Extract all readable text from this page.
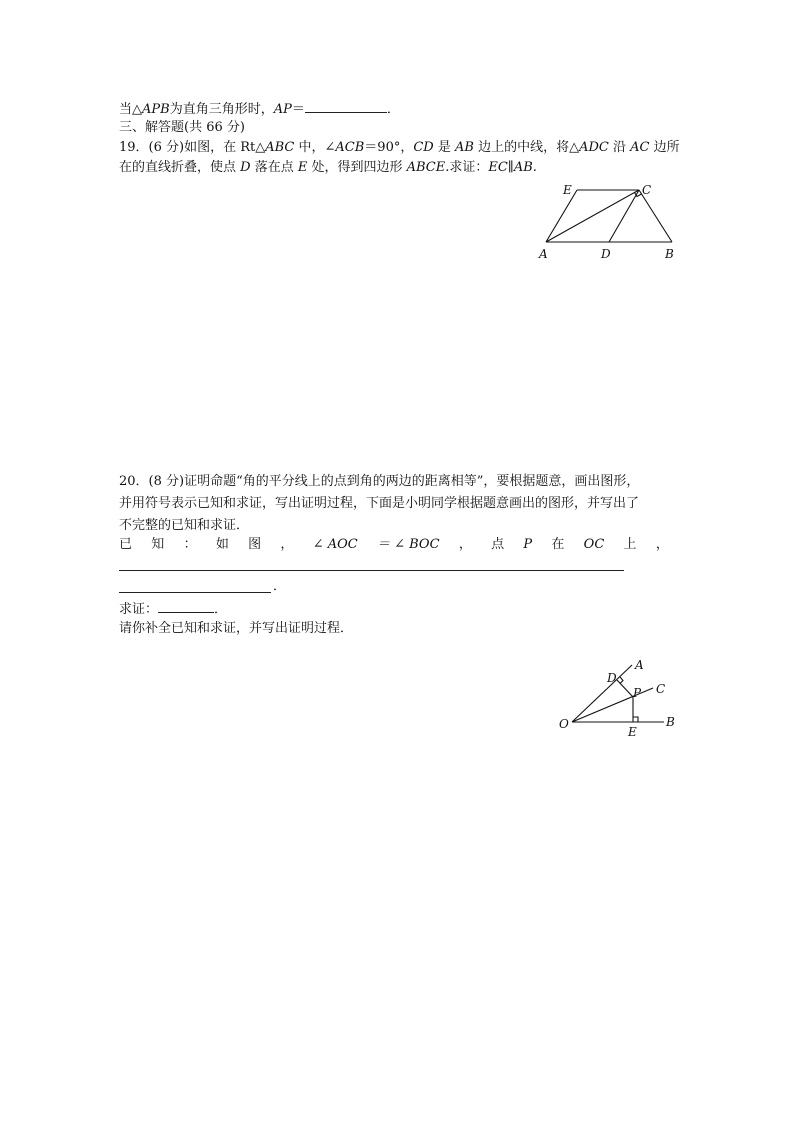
当△APB为直角三角形时，AP＝	．
三、解答题(共 66 分)
19．(6 分)如图，在 Rt△ABC 中，∠ACB＝90°，CD 是 AB 边上的中线，将△ADC 沿 AC 边所
在的直线折叠，使点 D 落在点 E 处，得到四边形 ABCE.求证：EC∥AB.
E	C
A	D	B
20．(8 分)证明命题“角的平分线上的点到角的两边的距离相等”，要根据题意，画出图形，
并用符号表示已知和求证，写出证明过程，下面是小明同学根据题意画出的图形，并写出了
不完整的已知和求证．
已 知 ： 如 图 ， ∠ AOC ＝ ∠ BOC ， 点 P 在 OC 上 ，
．
求证：	．
请你补全已知和求证，并写出证明过程．
A
D
P C
O
E
B
